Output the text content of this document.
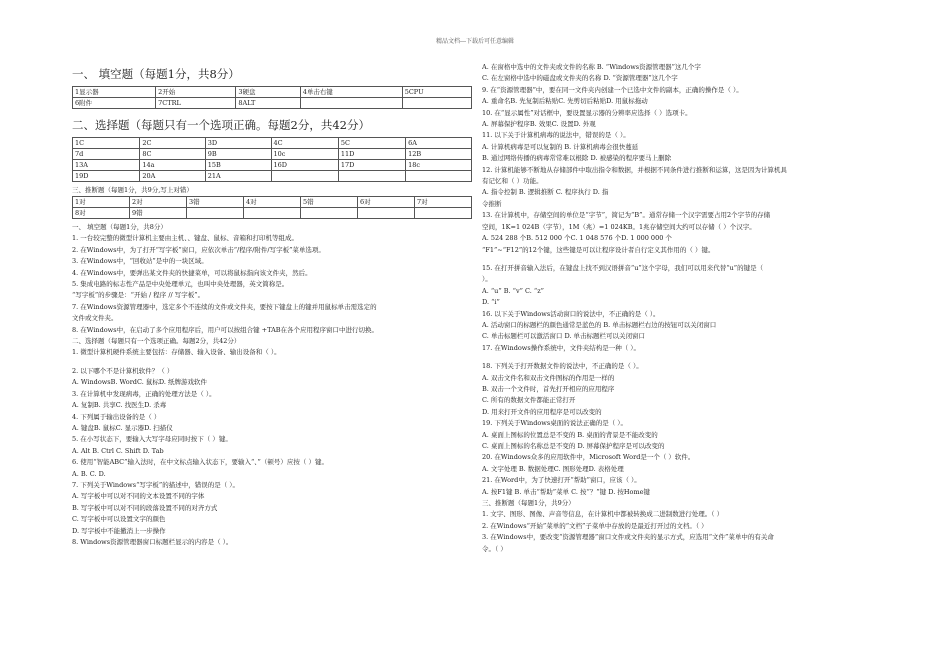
精品文档---下载后可任意编辑
一、 填空题（每题1分，共8分）
1显示器	2开始	3硬盘	4单击右键	5CPU
6附件	7CTRL	8ALT		
二、选择题（每题只有一个选项正确。每题2分，共42分）
1C	2C	3D	4C	5C	6A
7d	8C	9B	10c	11D	12B
13A	14a	15B	16D	17D	18c
19D	20A	21A			
三、推断题（每题1分，共9分,写上对错）
1对	2对	3错	4对	5错	6对	7对
8对	9错					
一、 填空题（每题1分，共8分）
1. 一台较完整的微型计算机主要由主机、、键盘、鼠标、音箱和打印机等组成。
2. 在Windows中，为了打开“写字板”窗口，应依次单击“/程序/附件/写字板”菜单选项。
3. 在Windows中，“回收站”是中的一块区域。
4. 在Windows中，要弹出某文件夹的快捷菜单，可以将鼠标指向该文件夹，然后。
5. 集成电路的标志性产品是中央处理单元，也叫中央处理器，英文简称是。
“写字板”的步骤是：“开始 / 程序 // 写字板”。
7. 在Windows资源管理器中，选定多个不连续的文件或文件夹，要按下键盘上的键并用鼠标单击需选定的
文件或文件夹。
8. 在Windows中，在启动了多个应用程序后，用户可以按组合键 +TAB在各个应用程序窗口中进行切换。
二、选择题（每题只有一个选项正确。每题2分，共42分）
1. 微型计算机硬件系统主要包括：存储器、输入设备、输出设备和（ ）。
2. 以下哪个不是计算机软件？（ ）
A. WindowsB. WordC. 鼠标D. 纸牌游戏软件
3. 在计算机中发现病毒，正确的处理方法是（ ）。
A. 复制B. 共享C. 找医生D. 杀毒
4. 下列属于输出设备的是（ ）
A. 键盘B. 鼠标C. 显示器D. 扫描仪
5. 在小写状态下，要输入大写字母应同时按下（ ）键。
A. Alt B. Ctrl C. Shift D. Tab
6. 使用“智能ABC”输入法时，在中文标点输入状态下，要输入“、”（顿号）应按（ ）键。
A. B. C. D.
7. 下列关于Windows“写字板”的描述中，错误的是（ ）。
A. 写字板中可以对不同的文本设置不同的字体
B. 写字板中可以对不同的段落设置不同的对齐方式
C. 写字板中可以设置文字的颜色
D. 写字板中不能撤消上一步操作
8. Windows资源管理器窗口标题栏显示的内容是（ ）。
A. 在窗格中选中的文件夹或文件的名称 B. “Windows资源管理器”这几个字
C. 在左窗格中选中的磁盘或文件夹的名称 D. “资源管理器”这几个字
9. 在“资源管理器”中，要在同一文件夹内创建一个已选中文件的副本，正确的操作是（ ）。
A. 重命名B. 先复制后粘贴C. 先剪切后粘贴D. 用鼠标拖动
10. 在“显示属性”对话框中，要设置显示器的分辨率应选择（ ）选项卡。
A. 屏幕保护程序B. 效果C. 设置D. 外观
11. 以下关于计算机病毒的说法中，错误的是（ ）。
A. 计算机病毒是可以复制的 B. 计算机病毒会很快蔓延
B. 通过网络传播的病毒常常难以根除 D. 被感染的程序要马上删除
12. 计算机能够不断地从存储部件中取出指令和数据，并根据不同条件进行推断和运算，这是因为计算机具
有记忆和（ ）功能。
A. 指令控制 B. 逻辑推断 C. 程序执行 D. 指
令推断
13. 在计算机中，存储空间的单位是“字节”，简记为“B”。通常存储一个汉字需要占用2个字节的存储
空间，1K=1 024B（字节），1M（兆）=1 024KB。1兆存储空间大约可以存储（ ）个汉字。
A. 524 288 个B. 512 000 个C. 1 048 576 个D. 1 000 000 个
“F1”~“F12”的12个键，这些键是可以让程序设计者自行定义其作用的（ ）键。
15. 在打开拼音输入法后，在键盘上找不到汉语拼音“u”这个字母，我们可以用来代替“u”的键是（
）。
A. “u” B. “v” C. “z”
D. “i”
16. 以下关于Windows活动窗口的说法中，不正确的是（ ）。
A. 活动窗口的标题栏的颜色通常是蓝色的 B. 单击标题栏右边的按钮可以关闭窗口
C. 单击标题栏可以激活窗口 D. 单击标题栏可以关闭窗口
17. 在Windows操作系统中，文件夹结构是一种（ ）。
18. 下列关于打开数据文件的说法中，不正确的是（ ）。
A. 双击文件名和双击文件图标的作用是一样的
B. 双击一个文件时，首先打开相应的应用程序
C. 所有的数据文件都能正常打开
D. 用来打开文件的应用程序是可以改变的
19. 下列关于Windows桌面的说法正确的是（ ）。
A. 桌面上图标的位置总是不变的 B. 桌面的背景是不能改变的
C. 桌面上图标的名称总是不变的 D. 屏幕保护程序是可以改变的
20. 在Windows众多的应用软件中，Microsoft Word是一个（ ）软件。
A. 文字处理 B. 数据处理C. 图形处理D. 表格处理
21. 在Word中，为了快速打开“帮助”窗口，应该（ ）。
A. 按F1键 B. 单击“帮助”菜单 C. 按“？”键 D. 按Home键
三、推断题（每题1分，共9分）
1. 文字、图形、图像、声音等信息，在计算机中都被转换成二进制数进行处理。（ ）
2. 在Windows“开始”菜单的“文档”子菜单中存放的是最近打开过的文档。（ ）
3. 在Windows中，要改变“资源管理器”窗口文件或文件夹的显示方式，应选用“文件”菜单中的有关命
令。（ ）
